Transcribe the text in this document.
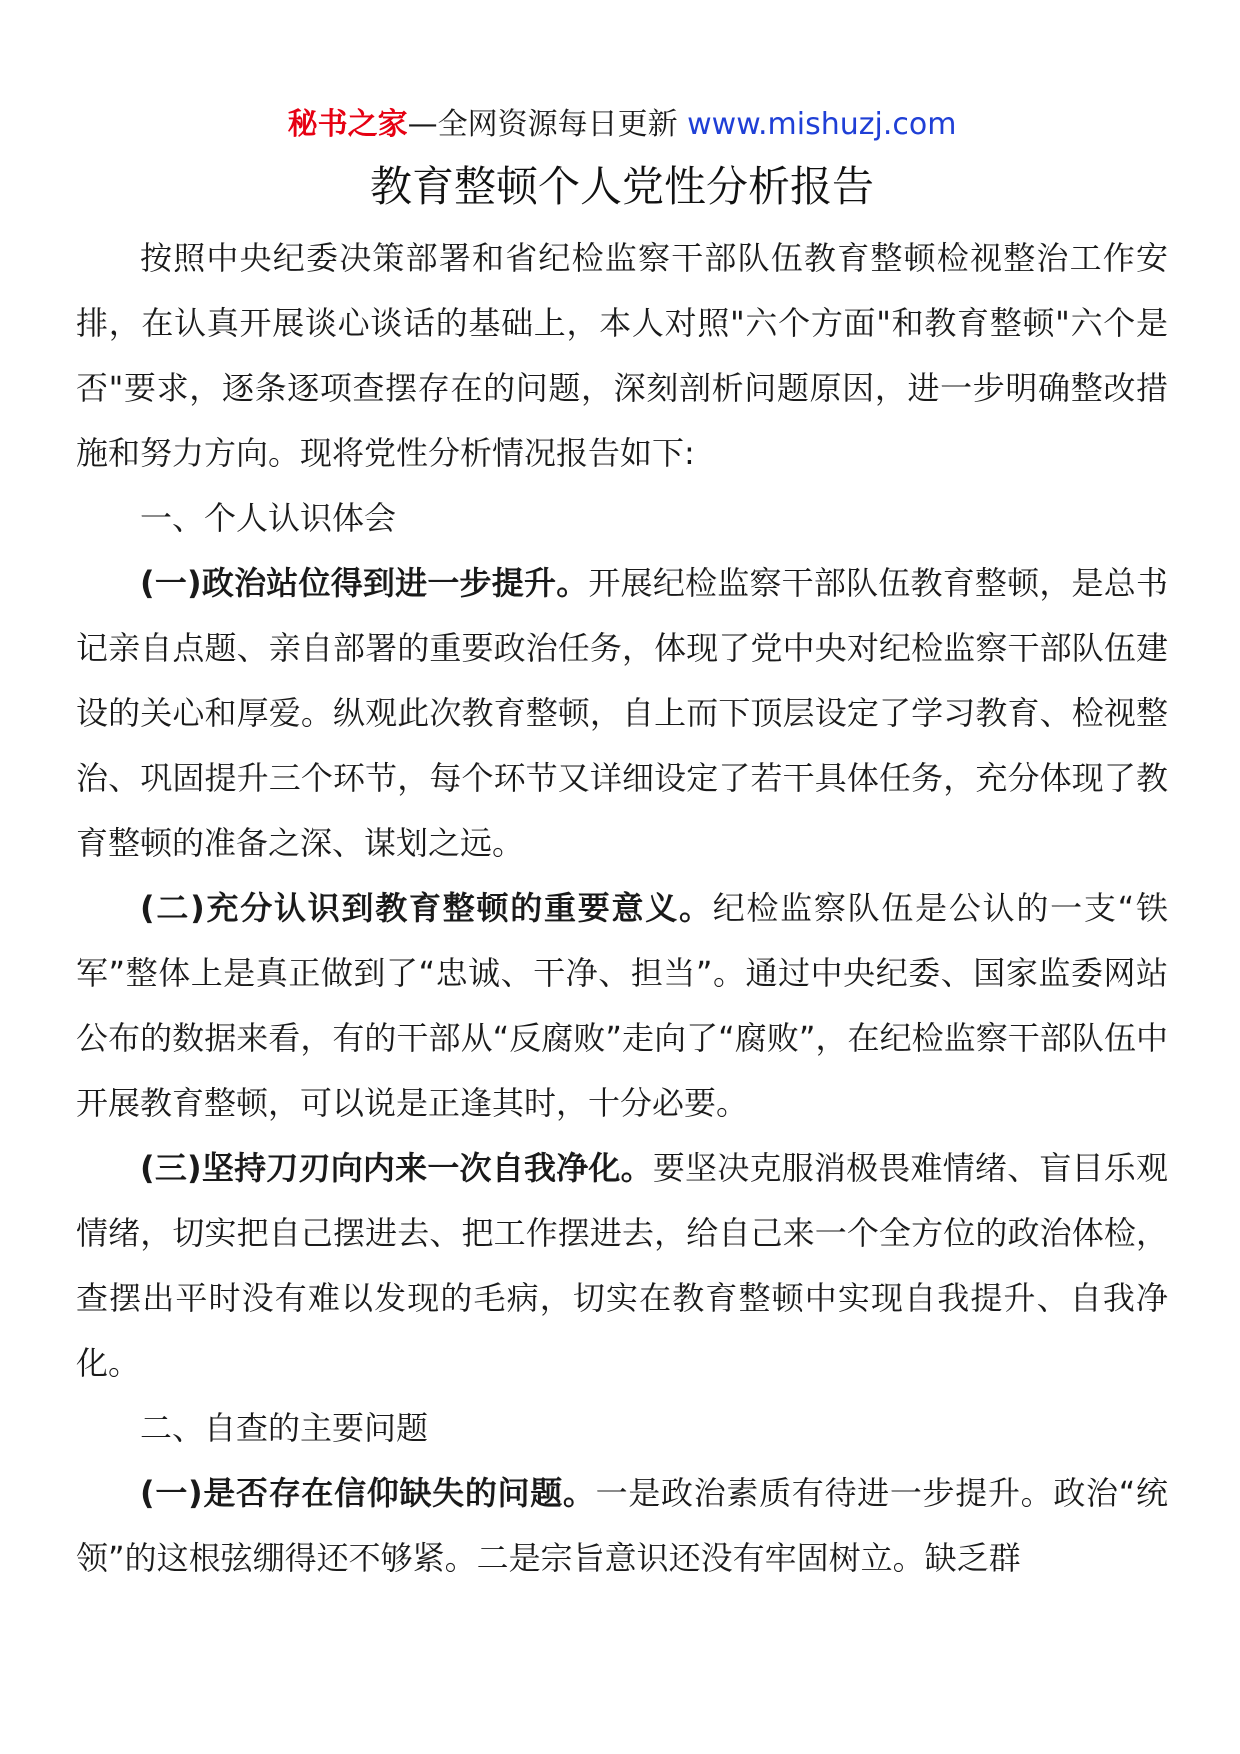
秘书之家—全网资源每日更新 www.mishuzj.com
教育整顿个人党性分析报告

按照中央纪委决策部署和省纪检监察干部队伍教育整顿检视整治工作安排，在认真开展谈心谈话的基础上，本人对照"六个方面"和教育整顿"六个是否"要求，逐条逐项查摆存在的问题，深刻剖析问题原因，进一步明确整改措施和努力方向。现将党性分析情况报告如下:

一、个人认识体会

(一)政治站位得到进一步提升。开展纪检监察干部队伍教育整顿，是总书记亲自点题、亲自部署的重要政治任务，体现了党中央对纪检监察干部队伍建设的关心和厚爱。纵观此次教育整顿，自上而下顶层设定了学习教育、检视整治、巩固提升三个环节，每个环节又详细设定了若干具体任务，充分体现了教育整顿的准备之深、谋划之远。

(二)充分认识到教育整顿的重要意义。纪检监察队伍是公认的一支“铁军”整体上是真正做到了“忠诚、干净、担当”。通过中央纪委、国家监委网站公布的数据来看，有的干部从“反腐败”走向了“腐败”，在纪检监察干部队伍中开展教育整顿，可以说是正逢其时，十分必要。

(三)坚持刀刃向内来一次自我净化。要坚决克服消极畏难情绪、盲目乐观情绪，切实把自己摆进去、把工作摆进去，给自己来一个全方位的政治体检，查摆出平时没有难以发现的毛病，切实在教育整顿中实现自我提升、自我净化。

二、自查的主要问题

(一)是否存在信仰缺失的问题。一是政治素质有待进一步提升。政治“统领”的这根弦绷得还不够紧。二是宗旨意识还没有牢固树立。缺乏群
